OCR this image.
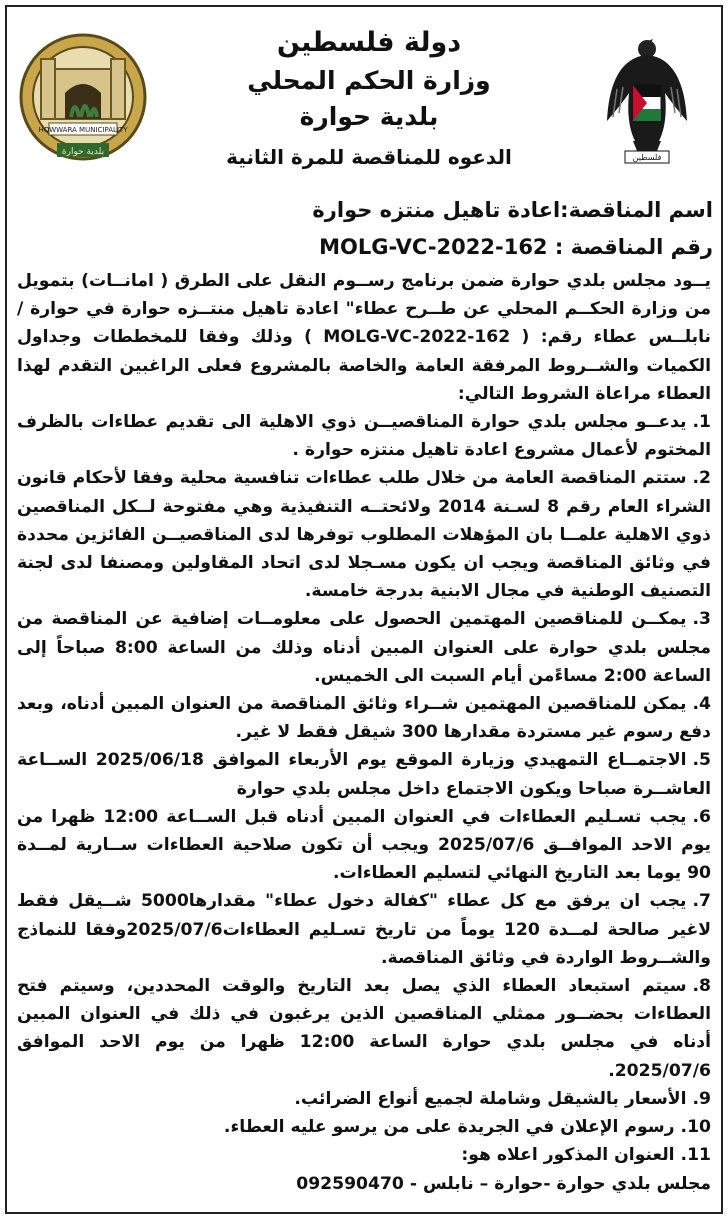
HOWWARA MUNICIPALITY
بلدية حوارة
دولة فلسطين
وزارة الحكم المحلي
بلدية حوارة
الدعوه للمناقصة للمرة الثانية	فلسطين
اسم المناقصة:اعادة تاهيل منتزه حوارة
رقم المناقصة : MOLG-VC-2022-162

يــود مجلس بلدي حوارة ضمن برنامج رســوم النقل على الطرق ( امانــات) بتمويل من وزارة الحكــم المحلي عن طــرح عطاء" اعادة تاهيل منتــزه حوارة في حوارة / نابلــس عطاء رقم: ( MOLG-VC-2022-162 ) وذلك وفقا للمخططات وجداول الكميات والشــروط المرفقة العامة والخاصة بالمشروع فعلى الراغبين التقدم لهذا العطاء مراعاة الشروط التالي:

1.يدعــو مجلس بلدي حوارة المناقصيــن ذوي الاهلية الى تقديم عطاءات بالظرف المختوم لأعمال مشروع اعادة تاهيل منتزه حوارة .
2.ستتم المناقصة العامة من خلال طلب عطاءات تنافسية محلية وفقا لأحكام قانون الشراء العام رقم 8 لسـنة 2014 ولائحتــه التنفيذية وهي مفتوحة لــكل المناقصين ذوي الاهلية علمــا بان المؤهلات المطلوب توفرها لدى المناقصيــن الفائزين محددة في وثائق المناقصة ويجب ان يكون مسـجلا لدى اتحاد المقاولين ومصنفا لدى لجنة التصنيف الوطنية في مجال الابنية بدرجة خامسة.
3.يمكــن للمناقصين المهتمين الحصول على معلومــات إضافية عن المناقصة من مجلس بلدي حوارة على العنوان المبين أدناه وذلك من الساعة 8:00 صباحاً إلى الساعة 2:00 مساءًمن أيام السبت الى الخميس.
4.يمكن للمناقصين المهتمين شــراء وثائق المناقصة من العنوان المبين أدناه، وبعد دفع رسوم غير مستردة مقدارها 300 شيقل فقط لا غير.
5.الاجتمــاع التمهيدي وزيارة الموقع يوم الأربعاء الموافق 2025/06/18 الســاعة العاشــرة صباحا ويكون الاجتماع داخل مجلس بلدي حوارة
6.يجب تسـليم العطاءات في العنوان المبين أدناه قبل الســاعة 12:00 ظهرا من يوم الاحد الموافــق 2025/07/6 ويجب أن تكون صلاحية العطاءات ســارية لمــدة 90 يوما بعد التاريخ النهائي لتسليم العطاءات.
7.يجب ان يرفق مع كل عطاء "كفالة دخول عطاء" مقدارها5000 شــيقل فقط لاغير صالحة لمــدة 120 يوماً من تاريخ تسـليم العطاءات2025/07/6وفقا للنماذج والشــروط الواردة في وثائق المناقصة.
8.سيتم استبعاد العطاء الذي يصل بعد التاريخ والوقت المحددين، وسيتم فتح العطاءات بحضــور ممثلي المناقصين الذين يرغبون في ذلك في العنوان المبين أدناه في مجلس بلدي حوارة الساعة 12:00 ظهرا من يوم الاحد الموافق 2025/07/6.
9.الأسعار بالشيقل وشاملة لجميع أنواع الضرائب.
10.رسوم الإعلان في الجريدة على من يرسو عليه العطاء.
11.العنوان المذكور اعلاه هو:

مجلس بلدي حوارة -حوارة – نابلس - 092590470
